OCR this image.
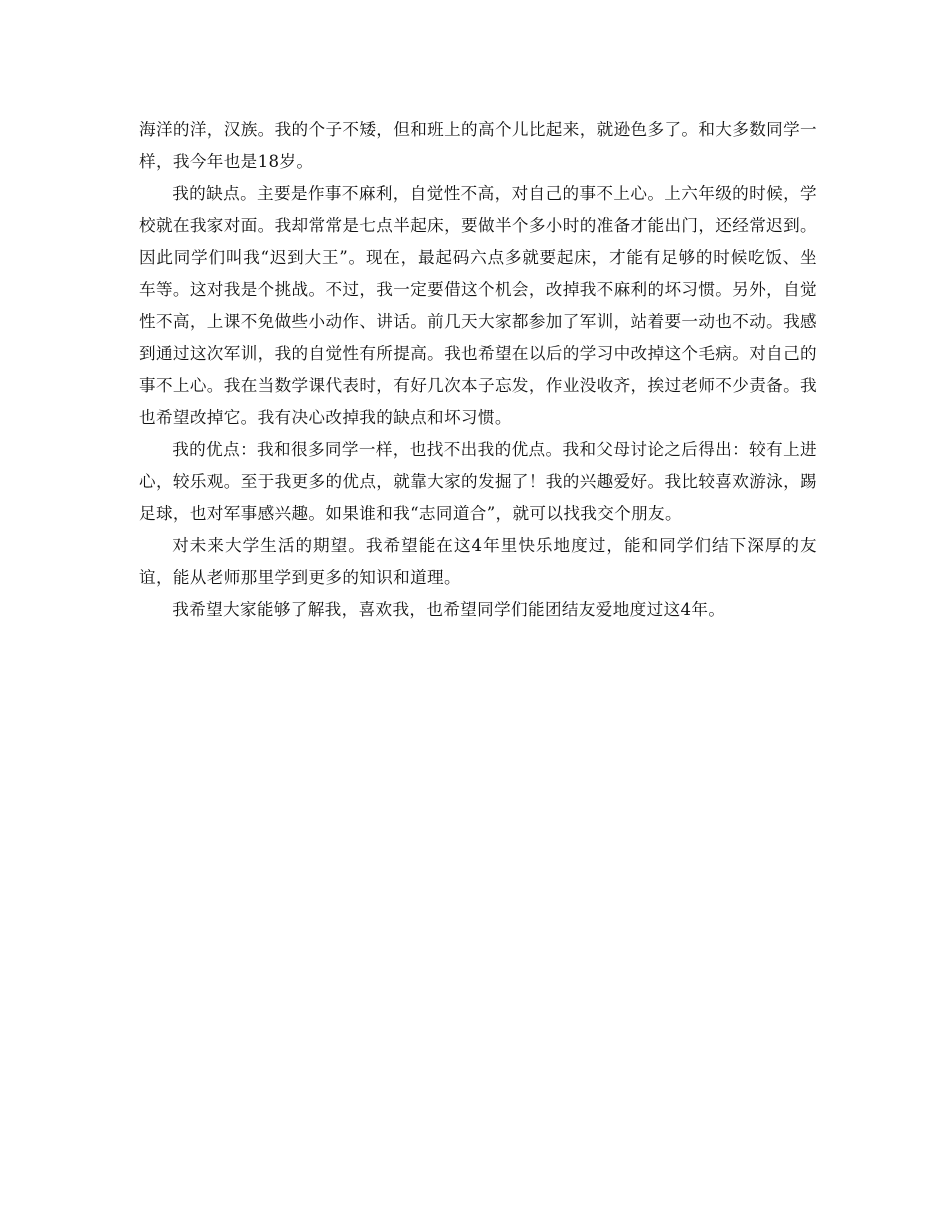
海洋的洋，汉族。我的个子不矮，但和班上的高个儿比起来，就逊色多了。和大多数同学一样，我今年也是18岁。

我的缺点。主要是作事不麻利，自觉性不高，对自己的事不上心。上六年级的时候，学校就在我家对面。我却常常是七点半起床，要做半个多小时的准备才能出门，还经常迟到。因此同学们叫我“迟到大王”。现在，最起码六点多就要起床，才能有足够的时候吃饭、坐车等。这对我是个挑战。不过，我一定要借这个机会，改掉我不麻利的坏习惯。另外，自觉性不高，上课不免做些小动作、讲话。前几天大家都参加了军训，站着要一动也不动。我感到通过这次军训，我的自觉性有所提高。我也希望在以后的学习中改掉这个毛病。对自己的事不上心。我在当数学课代表时，有好几次本子忘发，作业没收齐，挨过老师不少责备。我也希望改掉它。我有决心改掉我的缺点和坏习惯。

我的优点：我和很多同学一样，也找不出我的优点。我和父母讨论之后得出：较有上进心，较乐观。至于我更多的优点，就靠大家的发掘了！我的兴趣爱好。我比较喜欢游泳，踢足球，也对军事感兴趣。如果谁和我“志同道合”，就可以找我交个朋友。

对未来大学生活的期望。我希望能在这4年里快乐地度过，能和同学们结下深厚的友谊，能从老师那里学到更多的知识和道理。

我希望大家能够了解我，喜欢我，也希望同学们能团结友爱地度过这4年。
